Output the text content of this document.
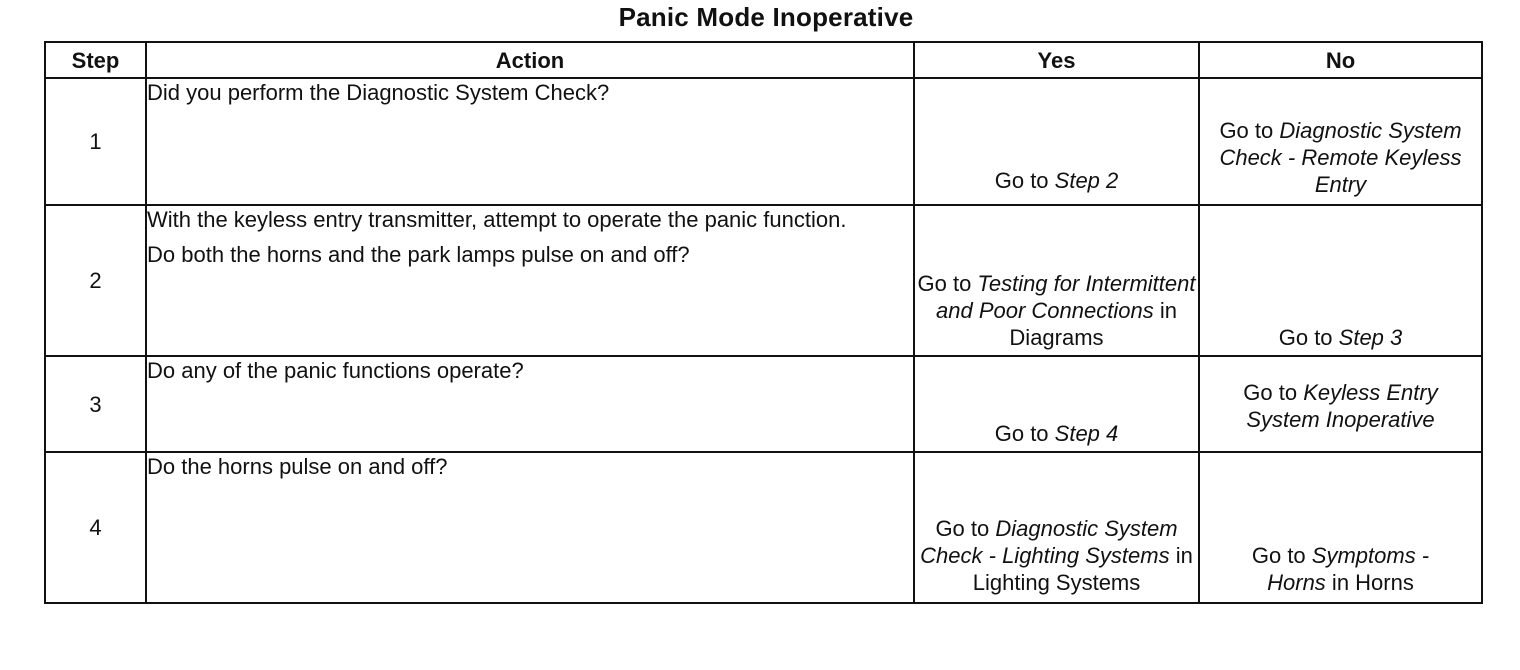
Panic Mode Inoperative
Step	Action	Yes	No
1	Did you perform the Diagnostic System Check?	Go to Step 2	Go to Diagnostic System Check - Remote Keyless Entry
2	With the keyless entry transmitter, attempt to operate the panic function.

Do both the horns and the park lamps pulse on and off?	Go to Testing for Intermittent and Poor Connections in Diagrams	Go to Step 3
3	Do any of the panic functions operate?	Go to Step 4	Go to Keyless Entry System Inoperative
4	Do the horns pulse on and off?	Go to Diagnostic System Check - Lighting Systems in Lighting Systems	Go to Symptoms - Horns in Horns
